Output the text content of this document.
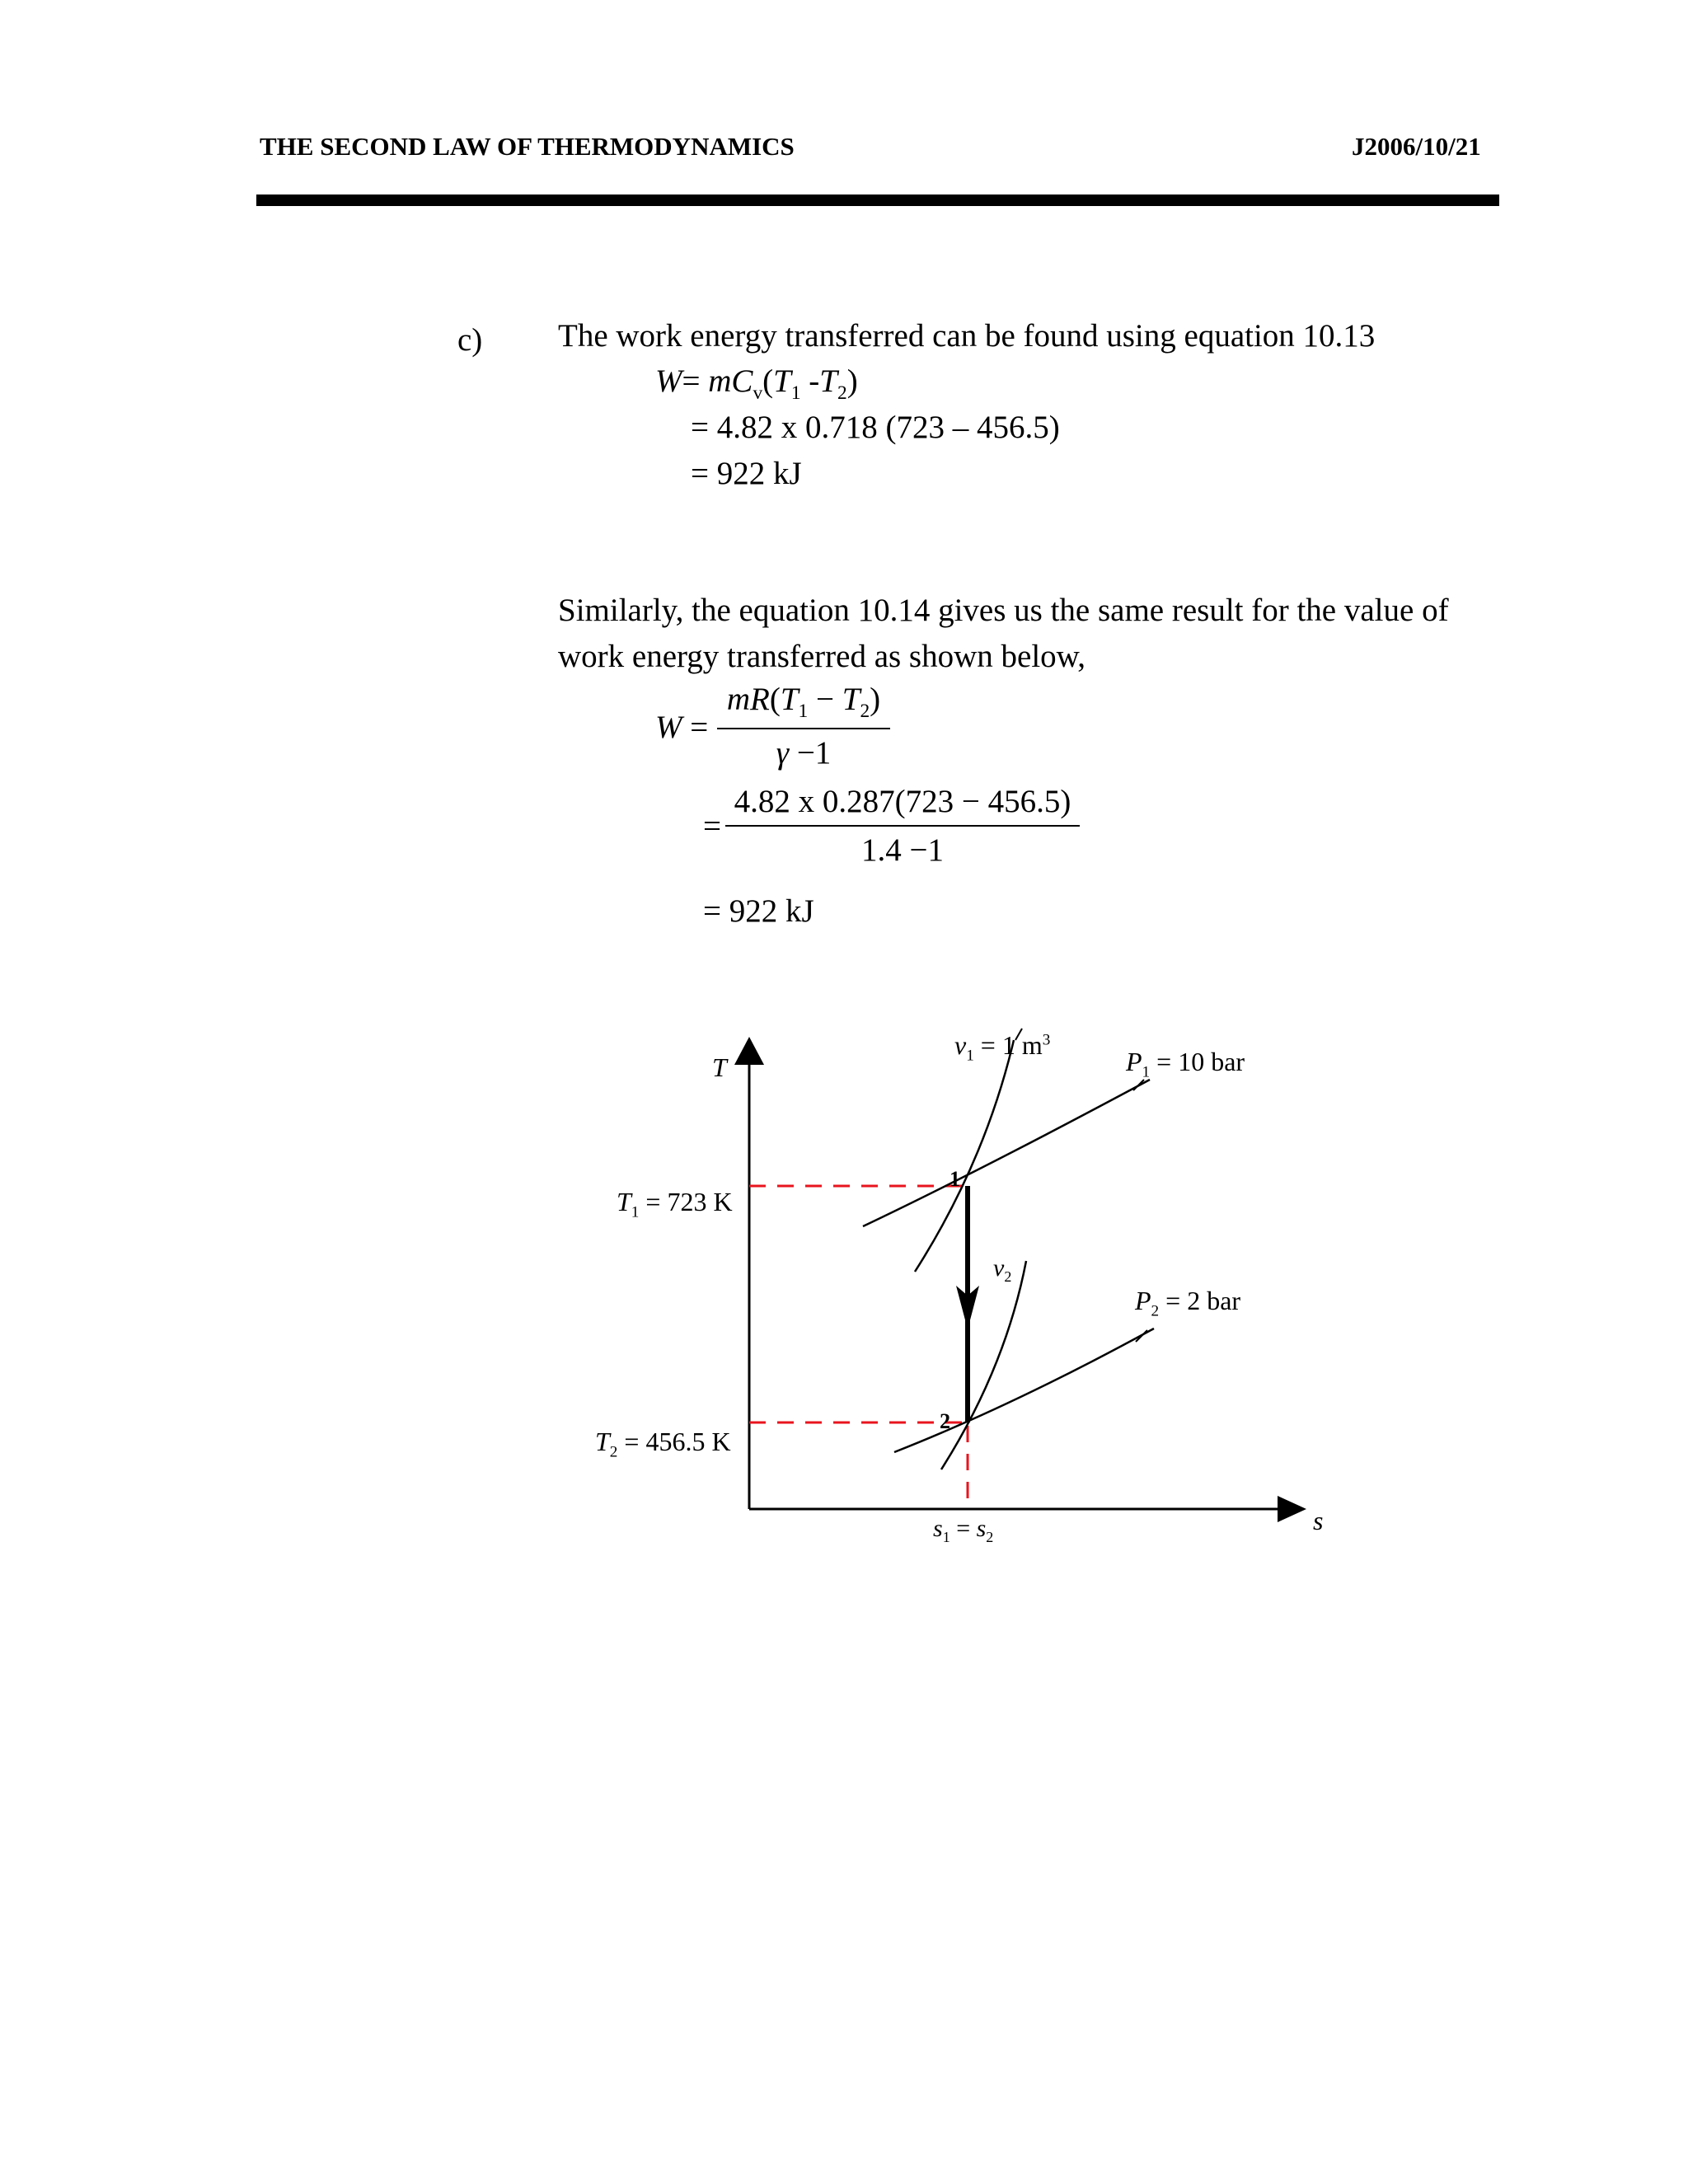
THE SECOND LAW OF THERMODYNAMICS	J2006/10/21
c) The work energy transferred can be found using equation 10.13
$W= mC_v(T_1$ $-T_2$)
= 4.82 x 0.718 (723 – 456.5)
= 922 kJ
Similarly, the equation 10.14 gives us the same result for the value of
work energy transferred as shown below,
$W = \frac{mR(T_1 - T_2)}{\gamma -1}$
= $\frac{4.82 x 0.287(723 - 456.5)}{1.4 -1}$
= 922 kJ
T
s
$T_1 = 723$ K
$T_2 = 456.5$ K
$v_1 = 1$ $m^3$
$v_2$
$P_1 = 10$ bar
$P_2 = 2$ bar
1
2
$s_1 = s_2$
